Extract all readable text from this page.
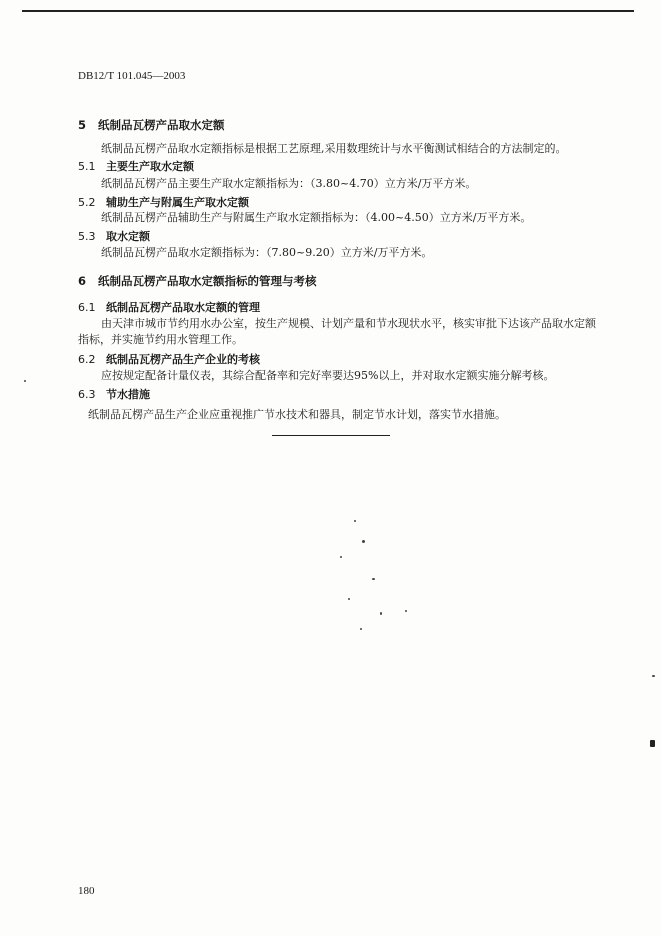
DB12/T 101.045—2003
5 纸制品瓦楞产品取水定额
纸制品瓦楞产品取水定额指标是根据工艺原理,采用数理统计与水平衡测试相结合的方法制定的。
5.1 主要生产取水定额
纸制品瓦楞产品主要生产取水定额指标为：（3.80~4.70）立方米/万平方米。
5.2 辅助生产与附属生产取水定额
纸制品瓦楞产品辅助生产与附属生产取水定额指标为：（4.00~4.50）立方米/万平方米。
5.3 取水定额
纸制品瓦楞产品取水定额指标为：（7.80~9.20）立方米/万平方米。
6 纸制品瓦楞产品取水定额指标的管理与考核
6.1 纸制品瓦楞产品取水定额的管理
由天津市城市节约用水办公室，按生产规模、计划产量和节水现状水平，核实审批下达该产品取水定额
指标，并实施节约用水管理工作。
6.2 纸制品瓦楞产品生产企业的考核
应按规定配备计量仪表，其综合配备率和完好率要达95%以上，并对取水定额实施分解考核。
6.3 节水措施
纸制品瓦楞产品生产企业应重视推广节水技术和器具，制定节水计划，落实节水措施。
180
